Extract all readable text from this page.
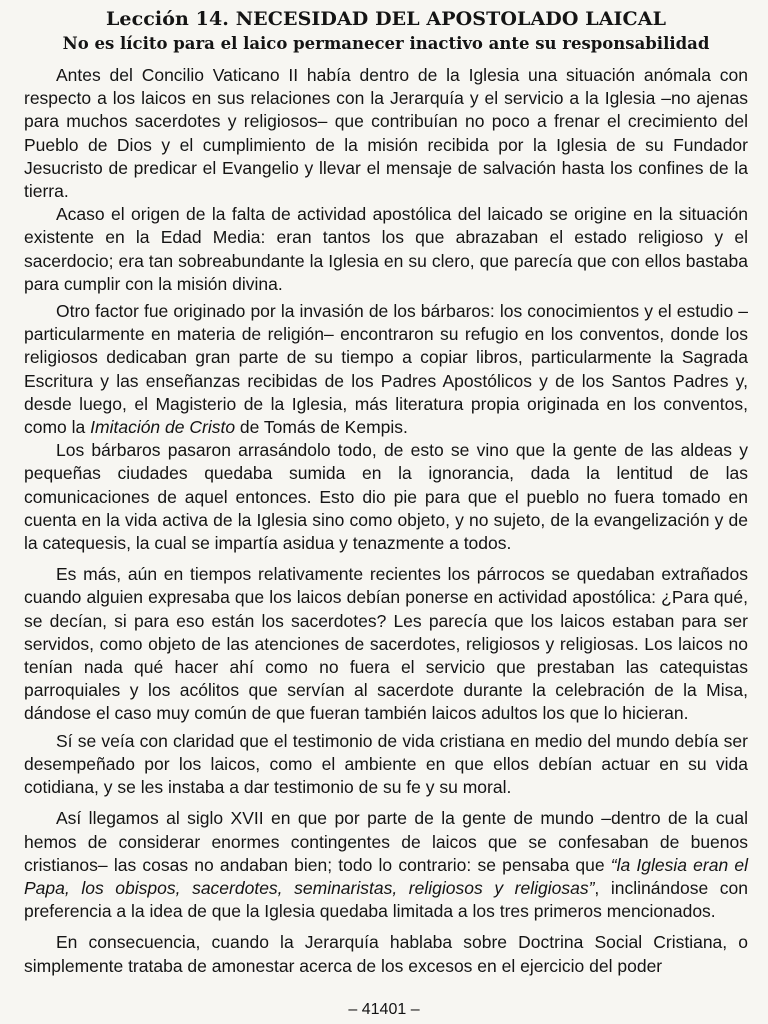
Lección 14. NECESIDAD DEL APOSTOLADO LAICAL
No es lícito para el laico permanecer inactivo ante su responsabilidad

Antes del Concilio Vaticano II había dentro de la Iglesia una situación anómala con respecto a los laicos en sus relaciones con la Jerarquía y el servicio a la Iglesia –no ajenas para muchos sacerdotes y religiosos– que contribuían no poco a frenar el crecimiento del Pueblo de Dios y el cumplimiento de la misión recibida por la Iglesia de su Fundador Jesucristo de predicar el Evangelio y llevar el mensaje de salvación hasta los confines de la tierra.

Acaso el origen de la falta de actividad apostólica del laicado se origine en la situación existente en la Edad Media: eran tantos los que abrazaban el estado religioso y el sacerdocio; era tan sobreabundante la Iglesia en su clero, que parecía que con ellos bastaba para cumplir con la misión divina.

Otro factor fue originado por la invasión de los bárbaros: los conocimientos y el estudio –particularmente en materia de religión– encontraron su refugio en los conventos, donde los religiosos dedicaban gran parte de su tiempo a copiar libros, particularmente la Sagrada Escritura y las enseñanzas recibidas de los Padres Apostólicos y de los Santos Padres y, desde luego, el Magisterio de la Iglesia, más literatura propia originada en los conventos, como la Imitación de Cristo de Tomás de Kempis.

Los bárbaros pasaron arrasándolo todo, de esto se vino que la gente de las aldeas y pequeñas ciudades quedaba sumida en la ignorancia, dada la lentitud de las comunicaciones de aquel entonces. Esto dio pie para que el pueblo no fuera tomado en cuenta en la vida activa de la Iglesia sino como objeto, y no sujeto, de la evangelización y de la catequesis, la cual se impartía asidua y tenazmente a todos.

Es más, aún en tiempos relativamente recientes los párrocos se quedaban extrañados cuando alguien expresaba que los laicos debían ponerse en actividad apostólica: ¿Para qué, se decían, si para eso están los sacerdotes? Les parecía que los laicos estaban para ser servidos, como objeto de las atenciones de sacerdotes, religiosos y religiosas. Los laicos no tenían nada qué hacer ahí como no fuera el servicio que prestaban las catequistas parroquiales y los acólitos que servían al sacerdote durante la celebración de la Misa, dándose el caso muy común de que fueran también laicos adultos los que lo hicieran.

Sí se veía con claridad que el testimonio de vida cristiana en medio del mundo debía ser desempeñado por los laicos, como el ambiente en que ellos debían actuar en su vida cotidiana, y se les instaba a dar testimonio de su fe y su moral.

Así llegamos al siglo XVII en que por parte de la gente de mundo –dentro de la cual hemos de considerar enormes contingentes de laicos que se confesaban de buenos cristianos– las cosas no andaban bien; todo lo contrario: se pensaba que “la Iglesia eran el Papa, los obispos, sacerdotes, seminaristas, religiosos y religiosas”, inclinándose con preferencia a la idea de que la Iglesia quedaba limitada a los tres primeros mencionados.

En consecuencia, cuando la Jerarquía hablaba sobre Doctrina Social Cristiana, o simplemente trataba de amonestar acerca de los excesos en el ejercicio del poder

– 41401 –
